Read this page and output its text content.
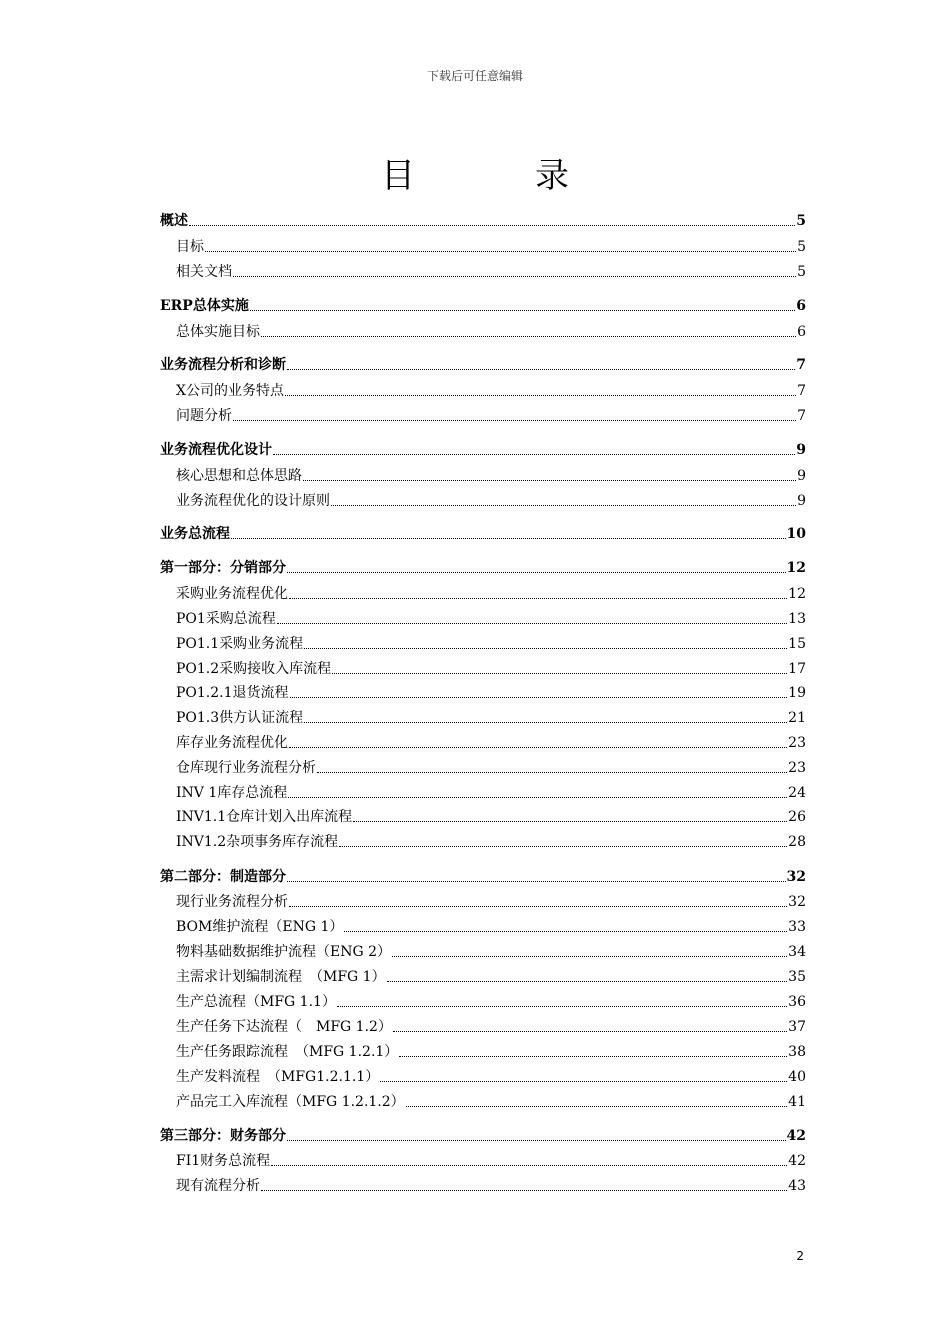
下载后可任意编辑
目录
概述	5
目标	5
相关文档	5
ERP总体实施	6
总体实施目标	6
业务流程分析和诊断	7
X公司的业务特点	7
问题分析	7
业务流程优化设计	9
核心思想和总体思路	9
业务流程优化的设计原则	9
业务总流程	10
第一部分：分销部分	12
采购业务流程优化	12
PO1采购总流程	13
PO1.1采购业务流程	15
PO1.2采购接收入库流程	17
PO1.2.1退货流程	19
PO1.3供方认证流程	21
库存业务流程优化	23
仓库现行业务流程分析	23
INV 1库存总流程	24
INV1.1仓库计划入出库流程	26
INV1.2杂项事务库存流程	28
第二部分：制造部分	32
现行业务流程分析	32
BOM维护流程（ENG 1）	33
物料基础数据维护流程（ENG 2）	34
主需求计划编制流程　（MFG 1）	35
生产总流程（MFG 1.1）	36
生产任务下达流程（　MFG 1.2）	37
生产任务跟踪流程　（MFG 1.2.1）	38
生产发料流程　（MFG1.2.1.1）	40
产品完工入库流程（MFG 1.2.1.2）	41
第三部分：财务部分	42
FI1财务总流程	42
现有流程分析	43
2
